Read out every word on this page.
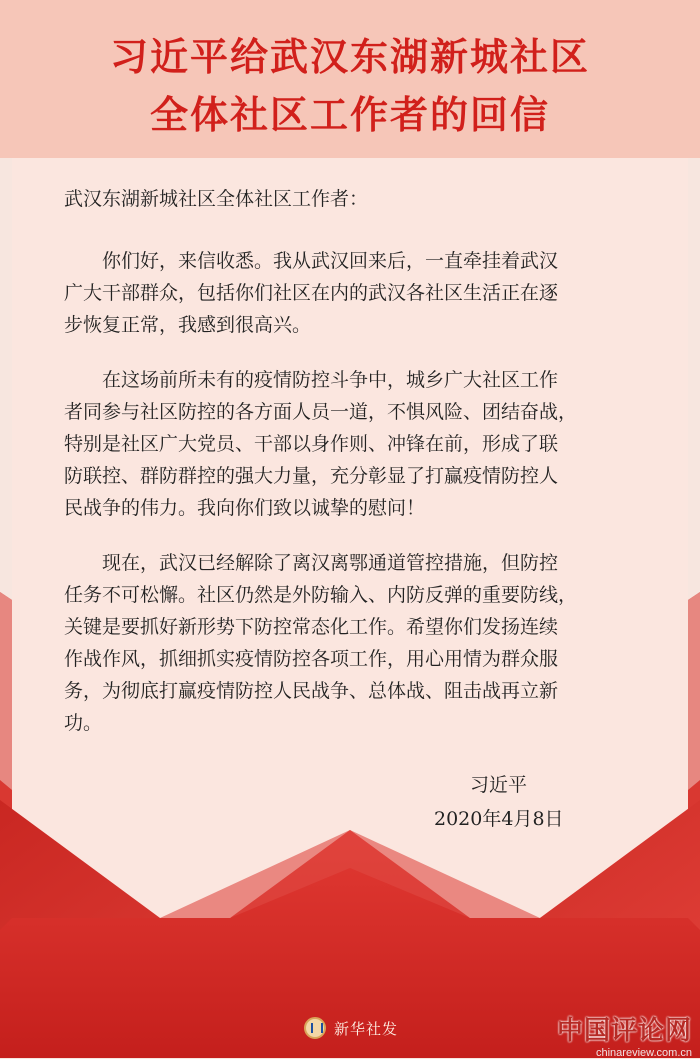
习近平给武汉东湖新城社区
全体社区工作者的回信
武汉东湖新城社区全体社区工作者：
　　你们好，来信收悉。我从武汉回来后，一直牵挂着武汉
广大干部群众，包括你们社区在内的武汉各社区生活正在逐
步恢复正常，我感到很高兴。
　　在这场前所未有的疫情防控斗争中，城乡广大社区工作
者同参与社区防控的各方面人员一道，不惧风险、团结奋战，
特别是社区广大党员、干部以身作则、冲锋在前，形成了联
防联控、群防群控的强大力量，充分彰显了打赢疫情防控人
民战争的伟力。我向你们致以诚挚的慰问！
　　现在，武汉已经解除了离汉离鄂通道管控措施，但防控
任务不可松懈。社区仍然是外防输入、内防反弹的重要防线，
关键是要抓好新形势下防控常态化工作。希望你们发扬连续
作战作风，抓细抓实疫情防控各项工作，用心用情为群众服
务，为彻底打赢疫情防控人民战争、总体战、阻击战再立新
功。
习近平
2020年4月8日
新华社发	中国评论网
chinareview.com.cn
